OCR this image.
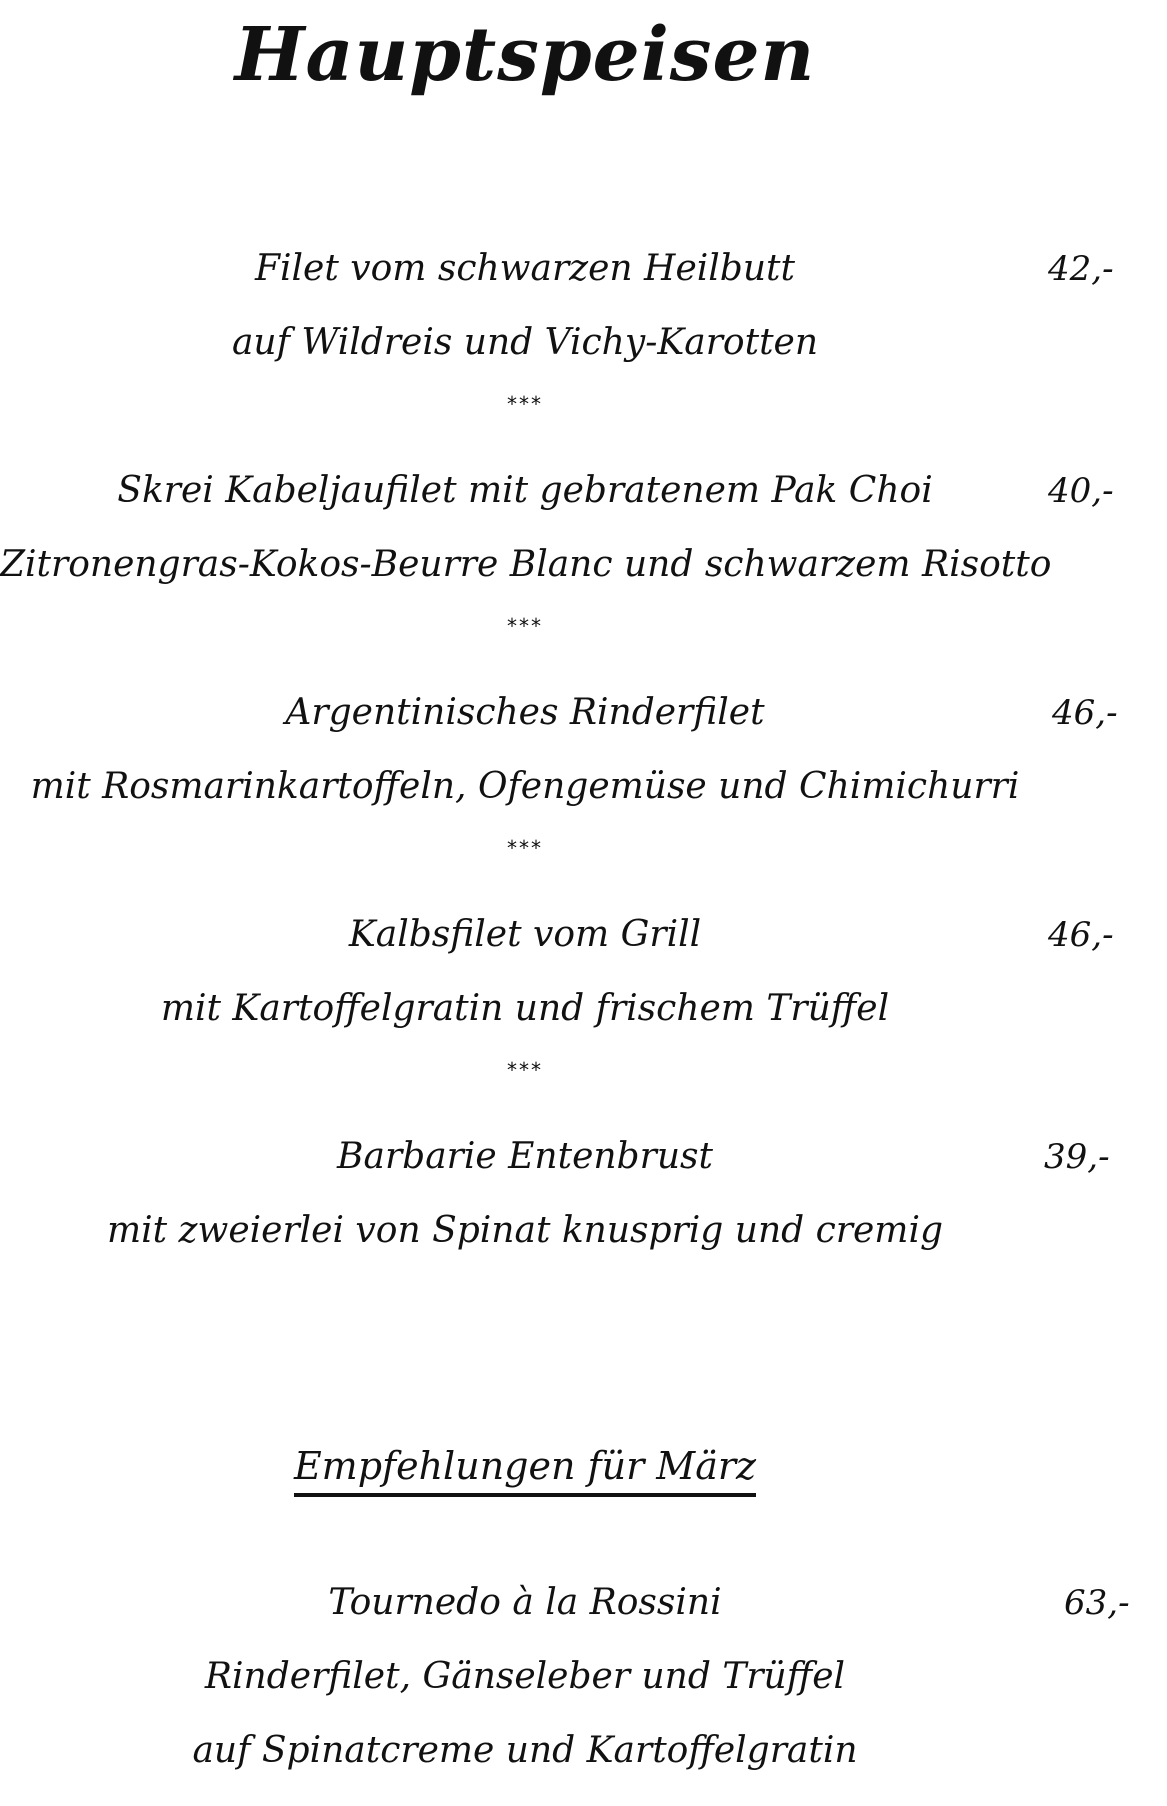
Hauptspeisen
Filet vom schwarzen Heilbutt	42,-
auf Wildreis und Vichy-Karotten
***
Skrei Kabeljaufilet mit gebratenem Pak Choi	40,-
Zitronengras-Kokos-Beurre Blanc und schwarzem Risotto
***
Argentinisches Rinderfilet	46,-
mit Rosmarinkartoffeln, Ofengemüse und Chimichurri
***
Kalbsfilet vom Grill	46,-
mit Kartoffelgratin und frischem Trüffel
***
Barbarie Entenbrust	39,-
mit zweierlei von Spinat knusprig und cremig
Empfehlungen für März
Tournedo à la Rossini	63,-
Rinderfilet, Gänseleber und Trüffel
auf Spinatcreme und Kartoffelgratin
